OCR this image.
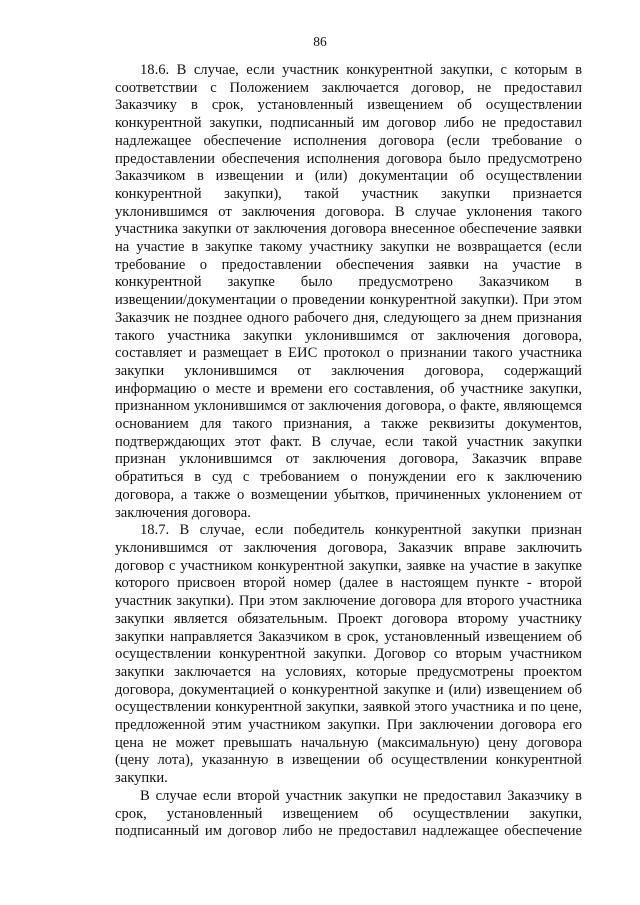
86

18.6. В случае, если участник конкурентной закупки, с которым в
соответствии с Положением заключается договор, не предоставил
Заказчику в срок, установленный извещением об осуществлении
конкурентной закупки, подписанный им договор либо не предоставил
надлежащее обеспечение исполнения договора (если требование о
предоставлении обеспечения исполнения договора было предусмотрено
Заказчиком в извещении и (или) документации об осуществлении
конкурентной закупки), такой участник закупки признается
уклонившимся от заключения договора. В случае уклонения такого
участника закупки от заключения договора внесенное обеспечение заявки
на участие в закупке такому участнику закупки не возвращается (если
требование о предоставлении обеспечения заявки на участие в
конкурентной закупке было предусмотрено Заказчиком в
извещении/документации о проведении конкурентной закупки). При этом
Заказчик не позднее одного рабочего дня, следующего за днем признания
такого участника закупки уклонившимся от заключения договора,
составляет и размещает в ЕИС протокол о признании такого участника
закупки уклонившимся от заключения договора, содержащий
информацию о месте и времени его составления, об участнике закупки,
признанном уклонившимся от заключения договора, о факте, являющемся
основанием для такого признания, а также реквизиты документов,
подтверждающих этот факт. В случае, если такой участник закупки
признан уклонившимся от заключения договора, Заказчик вправе
обратиться в суд с требованием о понуждении его к заключению
договора, а также о возмещении убытков, причиненных уклонением от
заключения договора.

18.7. В случае, если победитель конкурентной закупки признан
уклонившимся от заключения договора, Заказчик вправе заключить
договор с участником конкурентной закупки, заявке на участие в закупке
которого присвоен второй номер (далее в настоящем пункте - второй
участник закупки). При этом заключение договора для второго участника
закупки является обязательным. Проект договора второму участнику
закупки направляется Заказчиком в срок, установленный извещением об
осуществлении конкурентной закупки. Договор со вторым участником
закупки заключается на условиях, которые предусмотрены проектом
договора, документацией о конкурентной закупке и (или) извещением об
осуществлении конкурентной закупки, заявкой этого участника и по цене,
предложенной этим участником закупки. При заключении договора его
цена не может превышать начальную (максимальную) цену договора
(цену лота), указанную в извещении об осуществлении конкурентной
закупки.

В случае если второй участник закупки не предоставил Заказчику в
срок, установленный извещением об осуществлении закупки,
подписанный им договор либо не предоставил надлежащее обеспечение
